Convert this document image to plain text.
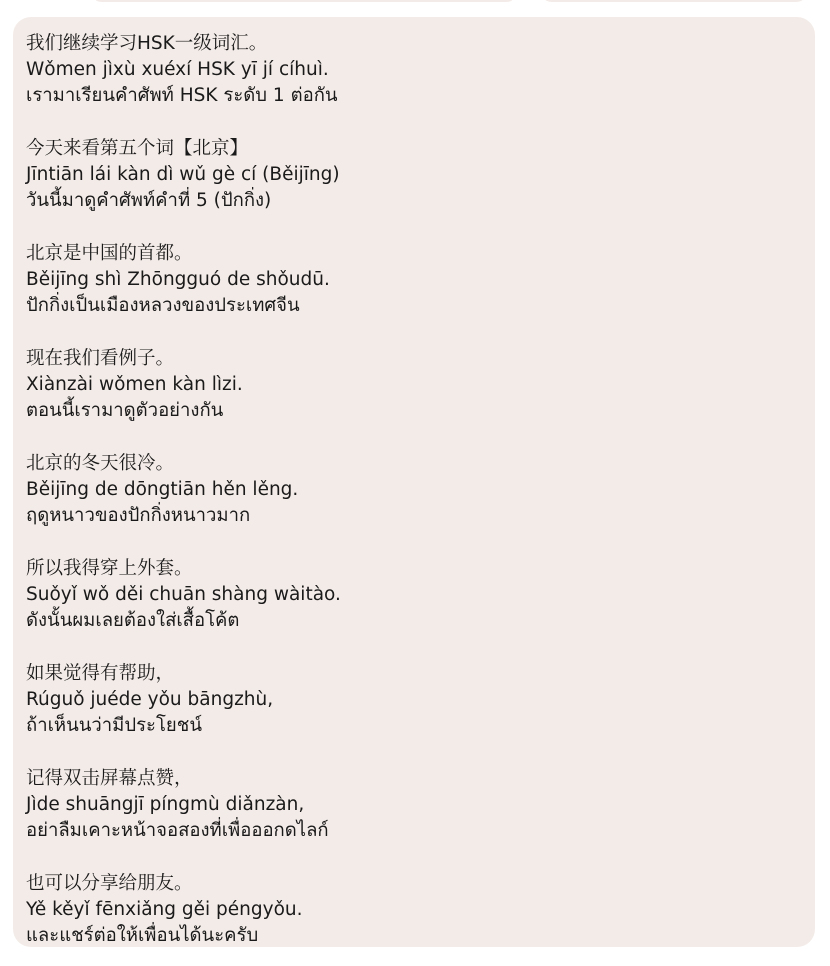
我们继续学习HSK一级词汇。
Wǒmen jìxù xuéxí HSK yī jí cíhuì.
เรามาเรียนคำศัพท์ HSK ระดับ 1 ต่อกัน
今天来看第五个词【北京】
Jīntiān lái kàn dì wǔ gè cí (Běijīng)
วันนี้มาดูคำศัพท์คำที่ 5 (ปักกิ่ง)
北京是中国的首都。
Běijīng shì Zhōngguó de shǒudū.
ปักกิ่งเป็นเมืองหลวงของประเทศจีน
现在我们看例子。
Xiànzài wǒmen kàn lìzi.
ตอนนี้เรามาดูตัวอย่างกัน
北京的冬天很冷。
Běijīng de dōngtiān hěn lěng.
ฤดูหนาวของปักกิ่งหนาวมาก
所以我得穿上外套。
Suǒyǐ wǒ děi chuān shàng wàitào.
ดังนั้นผมเลยต้องใส่เสื้อโค้ต
如果觉得有帮助，
Rúguǒ juéde yǒu bāngzhù,
ถ้าเห็นนว่ามีประโยชน์
记得双击屏幕点赞，
Jìde shuāngjī píngmù diǎnzàn,
อย่าลืมเคาะหน้าจอสองที่เพื่อออกดไลก์
也可以分享给朋友。
Yě kěyǐ fēnxiǎng gěi péngyǒu.
และแชร์ต่อให้เพื่อนได้นะครับ
